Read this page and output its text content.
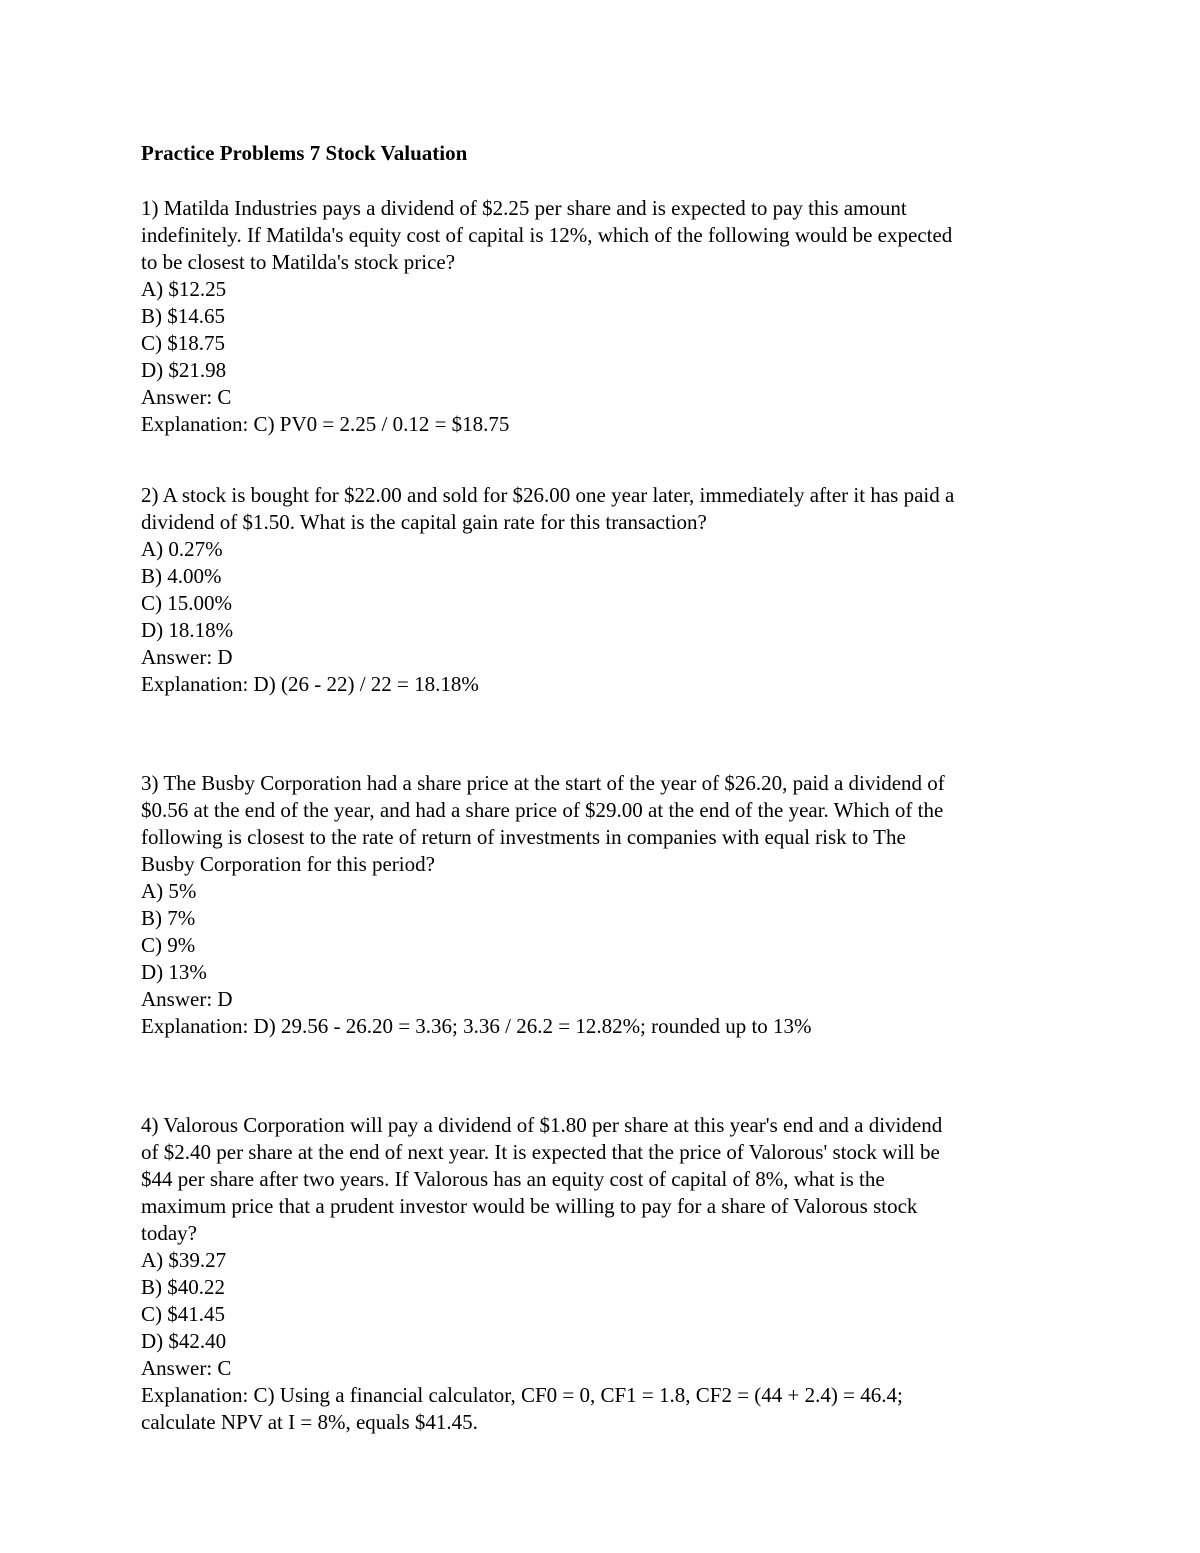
Practice Problems 7 Stock Valuation
1) Matilda Industries pays a dividend of $2.25 per share and is expected to pay this amount
indefinitely. If Matilda's equity cost of capital is 12%, which of the following would be expected
to be closest to Matilda's stock price?
A) $12.25
B) $14.65
C) $18.75
D) $21.98
Answer: C
Explanation: C) PV0 = 2.25 / 0.12 = $18.75
2) A stock is bought for $22.00 and sold for $26.00 one year later, immediately after it has paid a
dividend of $1.50. What is the capital gain rate for this transaction?
A) 0.27%
B) 4.00%
C) 15.00%
D) 18.18%
Answer: D
Explanation: D) (26 - 22) / 22 = 18.18%
3) The Busby Corporation had a share price at the start of the year of $26.20, paid a dividend of
$0.56 at the end of the year, and had a share price of $29.00 at the end of the year. Which of the
following is closest to the rate of return of investments in companies with equal risk to The
Busby Corporation for this period?
A) 5%
B) 7%
C) 9%
D) 13%
Answer: D
Explanation: D) 29.56 - 26.20 = 3.36; 3.36 / 26.2 = 12.82%; rounded up to 13%
4) Valorous Corporation will pay a dividend of $1.80 per share at this year's end and a dividend
of $2.40 per share at the end of next year. It is expected that the price of Valorous' stock will be
$44 per share after two years. If Valorous has an equity cost of capital of 8%, what is the
maximum price that a prudent investor would be willing to pay for a share of Valorous stock
today?
A) $39.27
B) $40.22
C) $41.45
D) $42.40
Answer: C
Explanation: C) Using a financial calculator, CF0 = 0, CF1 = 1.8, CF2 = (44 + 2.4) = 46.4;
calculate NPV at I = 8%, equals $41.45.
